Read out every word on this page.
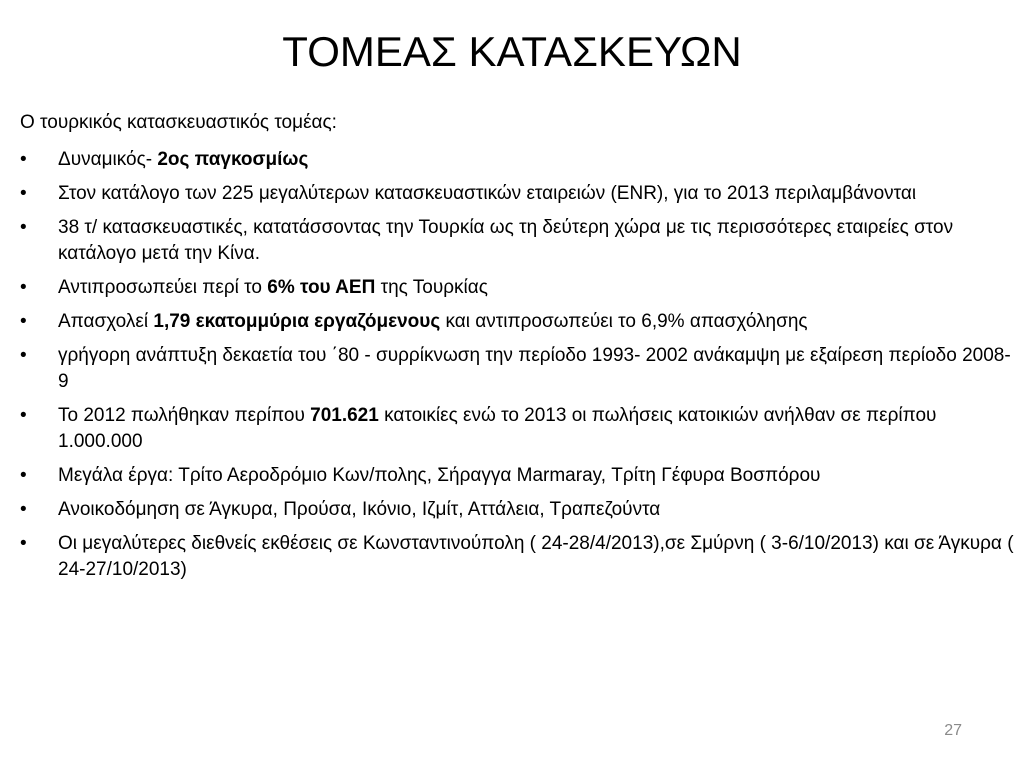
ΤΟΜΕΑΣ ΚΑΤΑΣΚΕΥΩΝ

Ο τουρκικός κατασκευαστικός τομέας:

•	Δυναμικός- 2ος παγκοσμίως
•	Στον κατάλογο των 225 μεγαλύτερων κατασκευαστικών εταιρειών (ENR), για το 2013 περιλαμβάνονται
•	38 τ/ κατασκευαστικές, κατατάσσοντας την Τουρκία ως τη δεύτερη χώρα με τις περισσότερες εταιρείες στον κατάλογο μετά την Κίνα.
•	Αντιπροσωπεύει περί το 6% του ΑΕΠ της Τουρκίας
•	Απασχολεί 1,79 εκατομμύρια εργαζόμενους και αντιπροσωπεύει το 6,9% απασχόλησης
•	γρήγορη ανάπτυξη δεκαετία του ΄80 - συρρίκνωση την περίοδο 1993- 2002 ανάκαμψη με εξαίρεση περίοδο 2008-9
•	Το 2012 πωλήθηκαν περίπου 701.621 κατοικίες ενώ το 2013 οι πωλήσεις κατοικιών ανήλθαν σε περίπου 1.000.000
•	Μεγάλα έργα: Τρίτο Αεροδρόμιο Κων/πολης, Σήραγγα Marmaray, Τρίτη Γέφυρα Βοσπόρου
•	Ανοικοδόμηση σε Άγκυρα, Προύσα, Ικόνιο, Ιζμίτ, Αττάλεια, Τραπεζούντα
•	Οι μεγαλύτερες διεθνείς εκθέσεις σε Κωνσταντινούπολη ( 24-28/4/2013),σε Σμύρνη ( 3-6/10/2013) και σε Άγκυρα ( 24-27/10/2013)
27
